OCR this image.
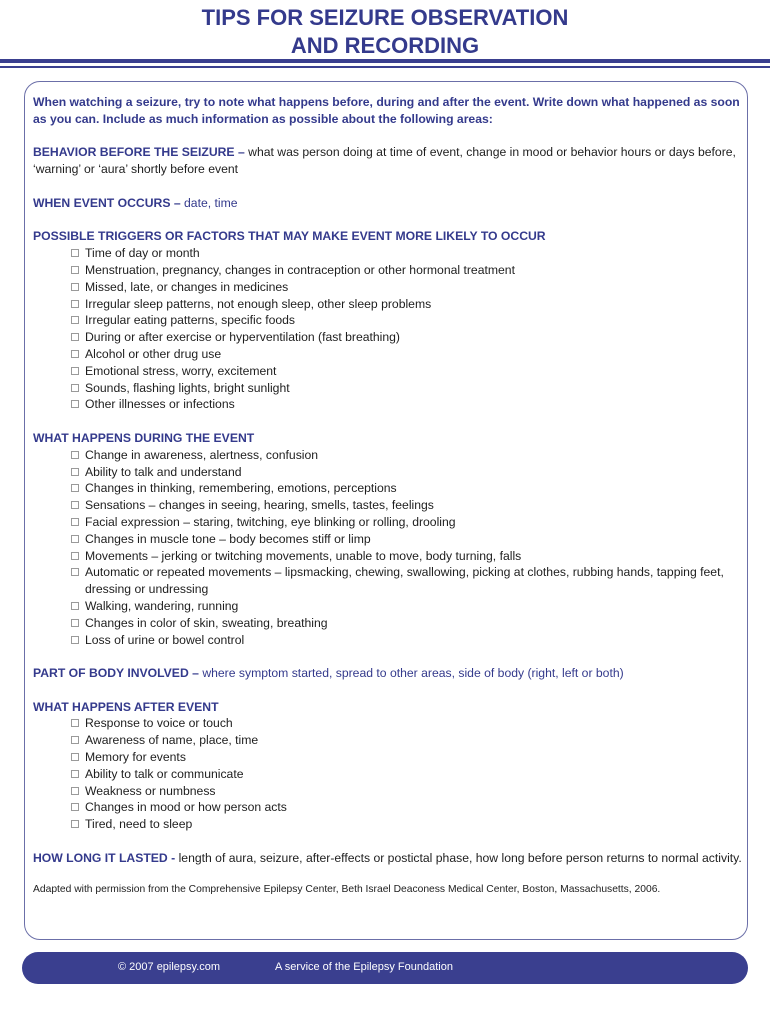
TIPS FOR SEIZURE OBSERVATION
AND RECORDING

When watching a seizure, try to note what happens before, during and after the event. Write down what happened as soon as you can. Include as much information as possible about the following areas:

BEHAVIOR BEFORE THE SEIZURE – what was person doing at time of event, change in mood or behavior hours or days before, ‘warning’ or ‘aura’ shortly before event

WHEN EVENT OCCURS – date, time

POSSIBLE TRIGGERS OR FACTORS THAT MAY MAKE EVENT MORE LIKELY TO OCCUR

Time of day or month
Menstruation, pregnancy, changes in contraception or other hormonal treatment
Missed, late, or changes in medicines
Irregular sleep patterns, not enough sleep, other sleep problems
Irregular eating patterns, specific foods
During or after exercise or hyperventilation (fast breathing)
Alcohol or other drug use
Emotional stress, worry, excitement
Sounds, flashing lights, bright sunlight
Other illnesses or infections

WHAT HAPPENS DURING THE EVENT

Change in awareness, alertness, confusion
Ability to talk and understand
Changes in thinking, remembering, emotions, perceptions
Sensations – changes in seeing, hearing, smells, tastes, feelings
Facial expression – staring, twitching, eye blinking or rolling, drooling
Changes in muscle tone – body becomes stiff or limp
Movements – jerking or twitching movements, unable to move, body turning, falls
Automatic or repeated movements – lipsmacking, chewing, swallowing, picking at clothes, rubbing hands, tapping feet, dressing or undressing
Walking, wandering, running
Changes in color of skin, sweating, breathing
Loss of urine or bowel control

PART OF BODY INVOLVED – where symptom started, spread to other areas, side of body (right, left or both)

WHAT HAPPENS AFTER EVENT

Response to voice or touch
Awareness of name, place, time
Memory for events
Ability to talk or communicate
Weakness or numbness
Changes in mood or how person acts
Tired, need to sleep

HOW LONG IT LASTED - length of aura, seizure, after-effects or postictal phase, how long before person returns to normal activity.

Adapted with permission from the Comprehensive Epilepsy Center, Beth Israel Deaconess Medical Center, Boston, Massachusetts, 2006.

© 2007 epilepsy.com	A service of the Epilepsy Foundation
